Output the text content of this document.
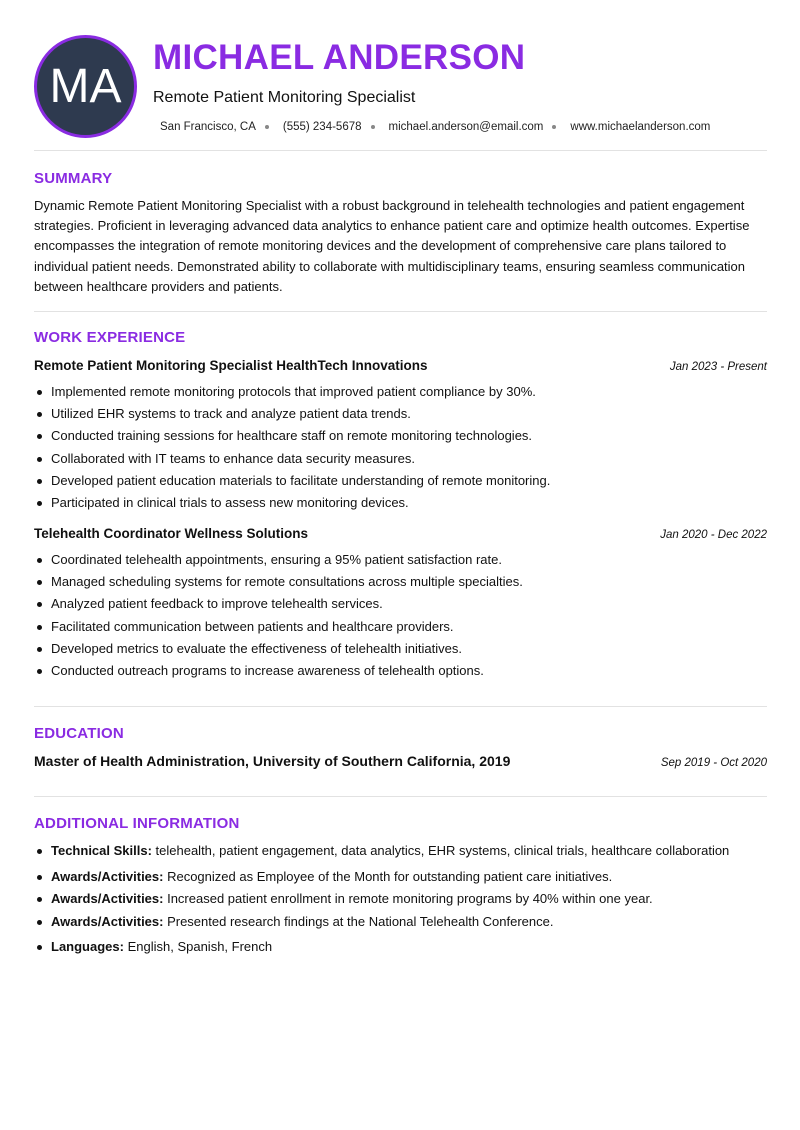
MA
MICHAEL ANDERSON
Remote Patient Monitoring Specialist
San Francisco, CA (555) 234-5678 michael.anderson@email.com www.michaelanderson.com
SUMMARY

Dynamic Remote Patient Monitoring Specialist with a robust background in telehealth technologies and patient engagement strategies. Proficient in leveraging advanced data analytics to enhance patient care and optimize health outcomes. Expertise encompasses the integration of remote monitoring devices and the development of comprehensive care plans tailored to individual patient needs. Demonstrated ability to collaborate with multidisciplinary teams, ensuring seamless communication between healthcare providers and patients.

WORK EXPERIENCE
Remote Patient Monitoring Specialist HealthTech Innovations	Jan 2023 - Present
Implemented remote monitoring protocols that improved patient compliance by 30%.
Utilized EHR systems to track and analyze patient data trends.
Conducted training sessions for healthcare staff on remote monitoring technologies.
Collaborated with IT teams to enhance data security measures.
Developed patient education materials to facilitate understanding of remote monitoring.
Participated in clinical trials to assess new monitoring devices.
Telehealth Coordinator Wellness Solutions	Jan 2020 - Dec 2022
Coordinated telehealth appointments, ensuring a 95% patient satisfaction rate.
Managed scheduling systems for remote consultations across multiple specialties.
Analyzed patient feedback to improve telehealth services.
Facilitated communication between patients and healthcare providers.
Developed metrics to evaluate the effectiveness of telehealth initiatives.
Conducted outreach programs to increase awareness of telehealth options.
EDUCATION
Master of Health Administration, University of Southern California, 2019	Sep 2019 - Oct 2020
ADDITIONAL INFORMATION
Technical Skills: telehealth, patient engagement, data analytics, EHR systems, clinical trials, healthcare collaboration
Awards/Activities: Recognized as Employee of the Month for outstanding patient care initiatives.
Awards/Activities: Increased patient enrollment in remote monitoring programs by 40% within one year.
Awards/Activities: Presented research findings at the National Telehealth Conference.
Languages: English, Spanish, French
